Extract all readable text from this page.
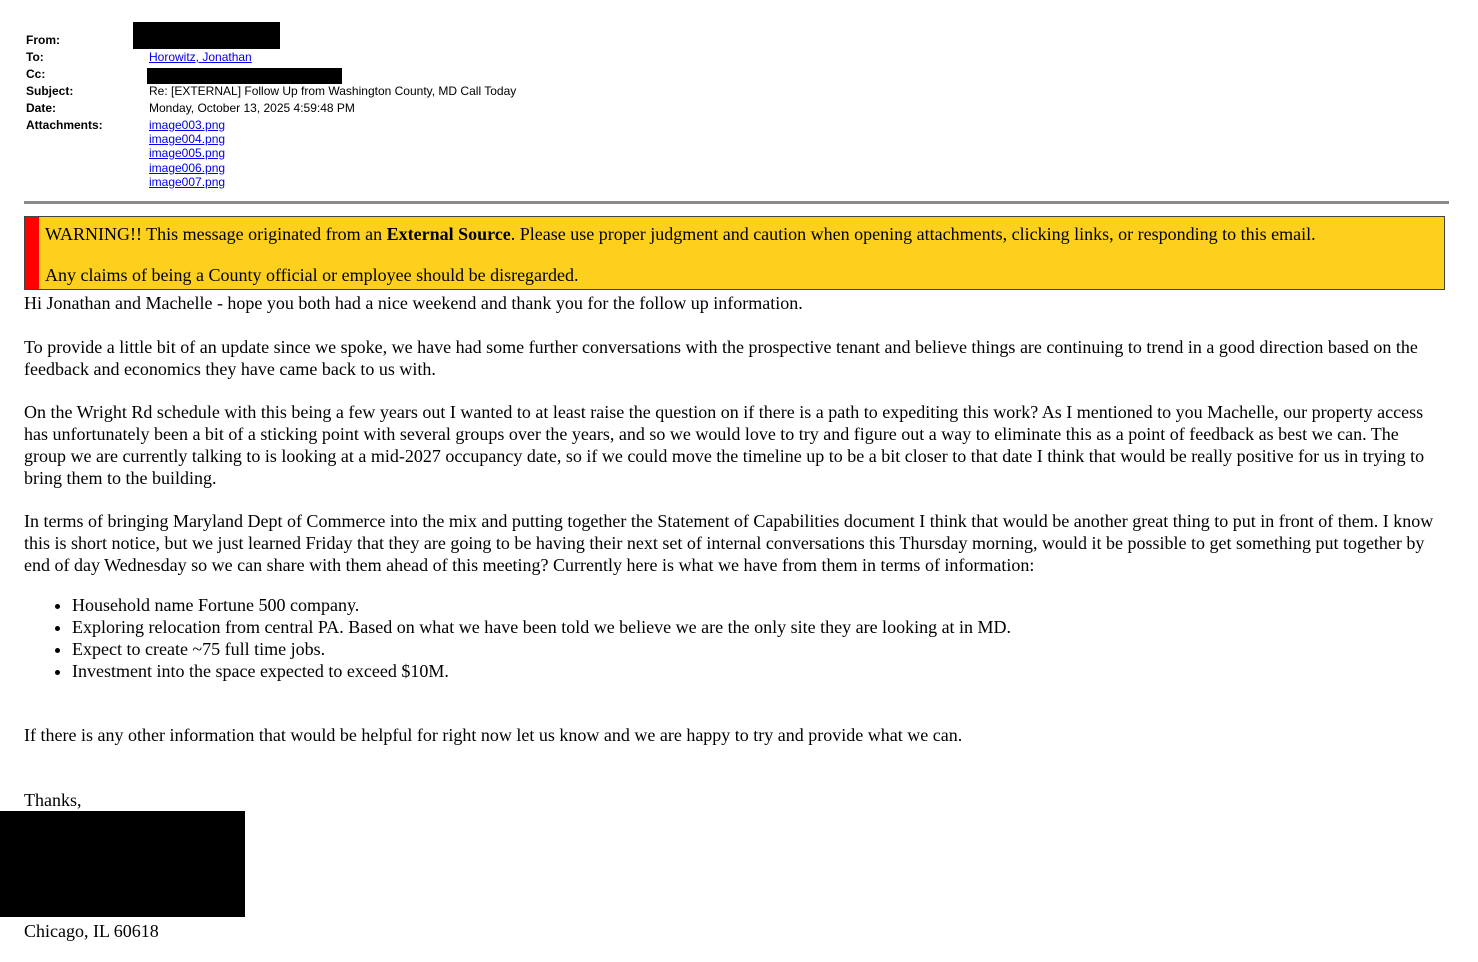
From:
To:	Horowitz, Jonathan
Cc:
Subject:	Re: [EXTERNAL] Follow Up from Washington County, MD Call Today
Date:	Monday, October 13, 2025 4:59:48 PM
Attachments:	image003.png
image004.png
image005.png
image006.png
image007.png
WARNING!! This message originated from an External Source. Please use proper judgment and caution when opening attachments, clicking links, or responding to this email.
Any claims of being a County official or employee should be disregarded.

Hi Jonathan and Machelle - hope you both had a nice weekend and thank you for the follow up information.

To provide a little bit of an update since we spoke, we have had some further conversations with the prospective tenant and believe things are continuing to trend in a good direction based on the feedback and economics they have came back to us with.

On the Wright Rd schedule with this being a few years out I wanted to at least raise the question on if there is a path to expediting this work? As I mentioned to you Machelle, our property access has unfortunately been a bit of a sticking point with several groups over the years, and so we would love to try and figure out a way to eliminate this as a point of feedback as best we can. The group we are currently talking to is looking at a mid-2027 occupancy date, so if we could move the timeline up to be a bit closer to that date I think that would be really positive for us in trying to bring them to the building.

In terms of bringing Maryland Dept of Commerce into the mix and putting together the Statement of Capabilities document I think that would be another great thing to put in front of them. I know this is short notice, but we just learned Friday that they are going to be having their next set of internal conversations this Thursday morning, would it be possible to get something put together by end of day Wednesday so we can share with them ahead of this meeting? Currently here is what we have from them in terms of information:

• Household name Fortune 500 company.
• Exploring relocation from central PA. Based on what we have been told we believe we are the only site they are looking at in MD.
• Expect to create ~75 full time jobs.
• Investment into the space expected to exceed $10M.

If there is any other information that would be helpful for right now let us know and we are happy to try and provide what we can.

Thanks,

Chicago, IL 60618
